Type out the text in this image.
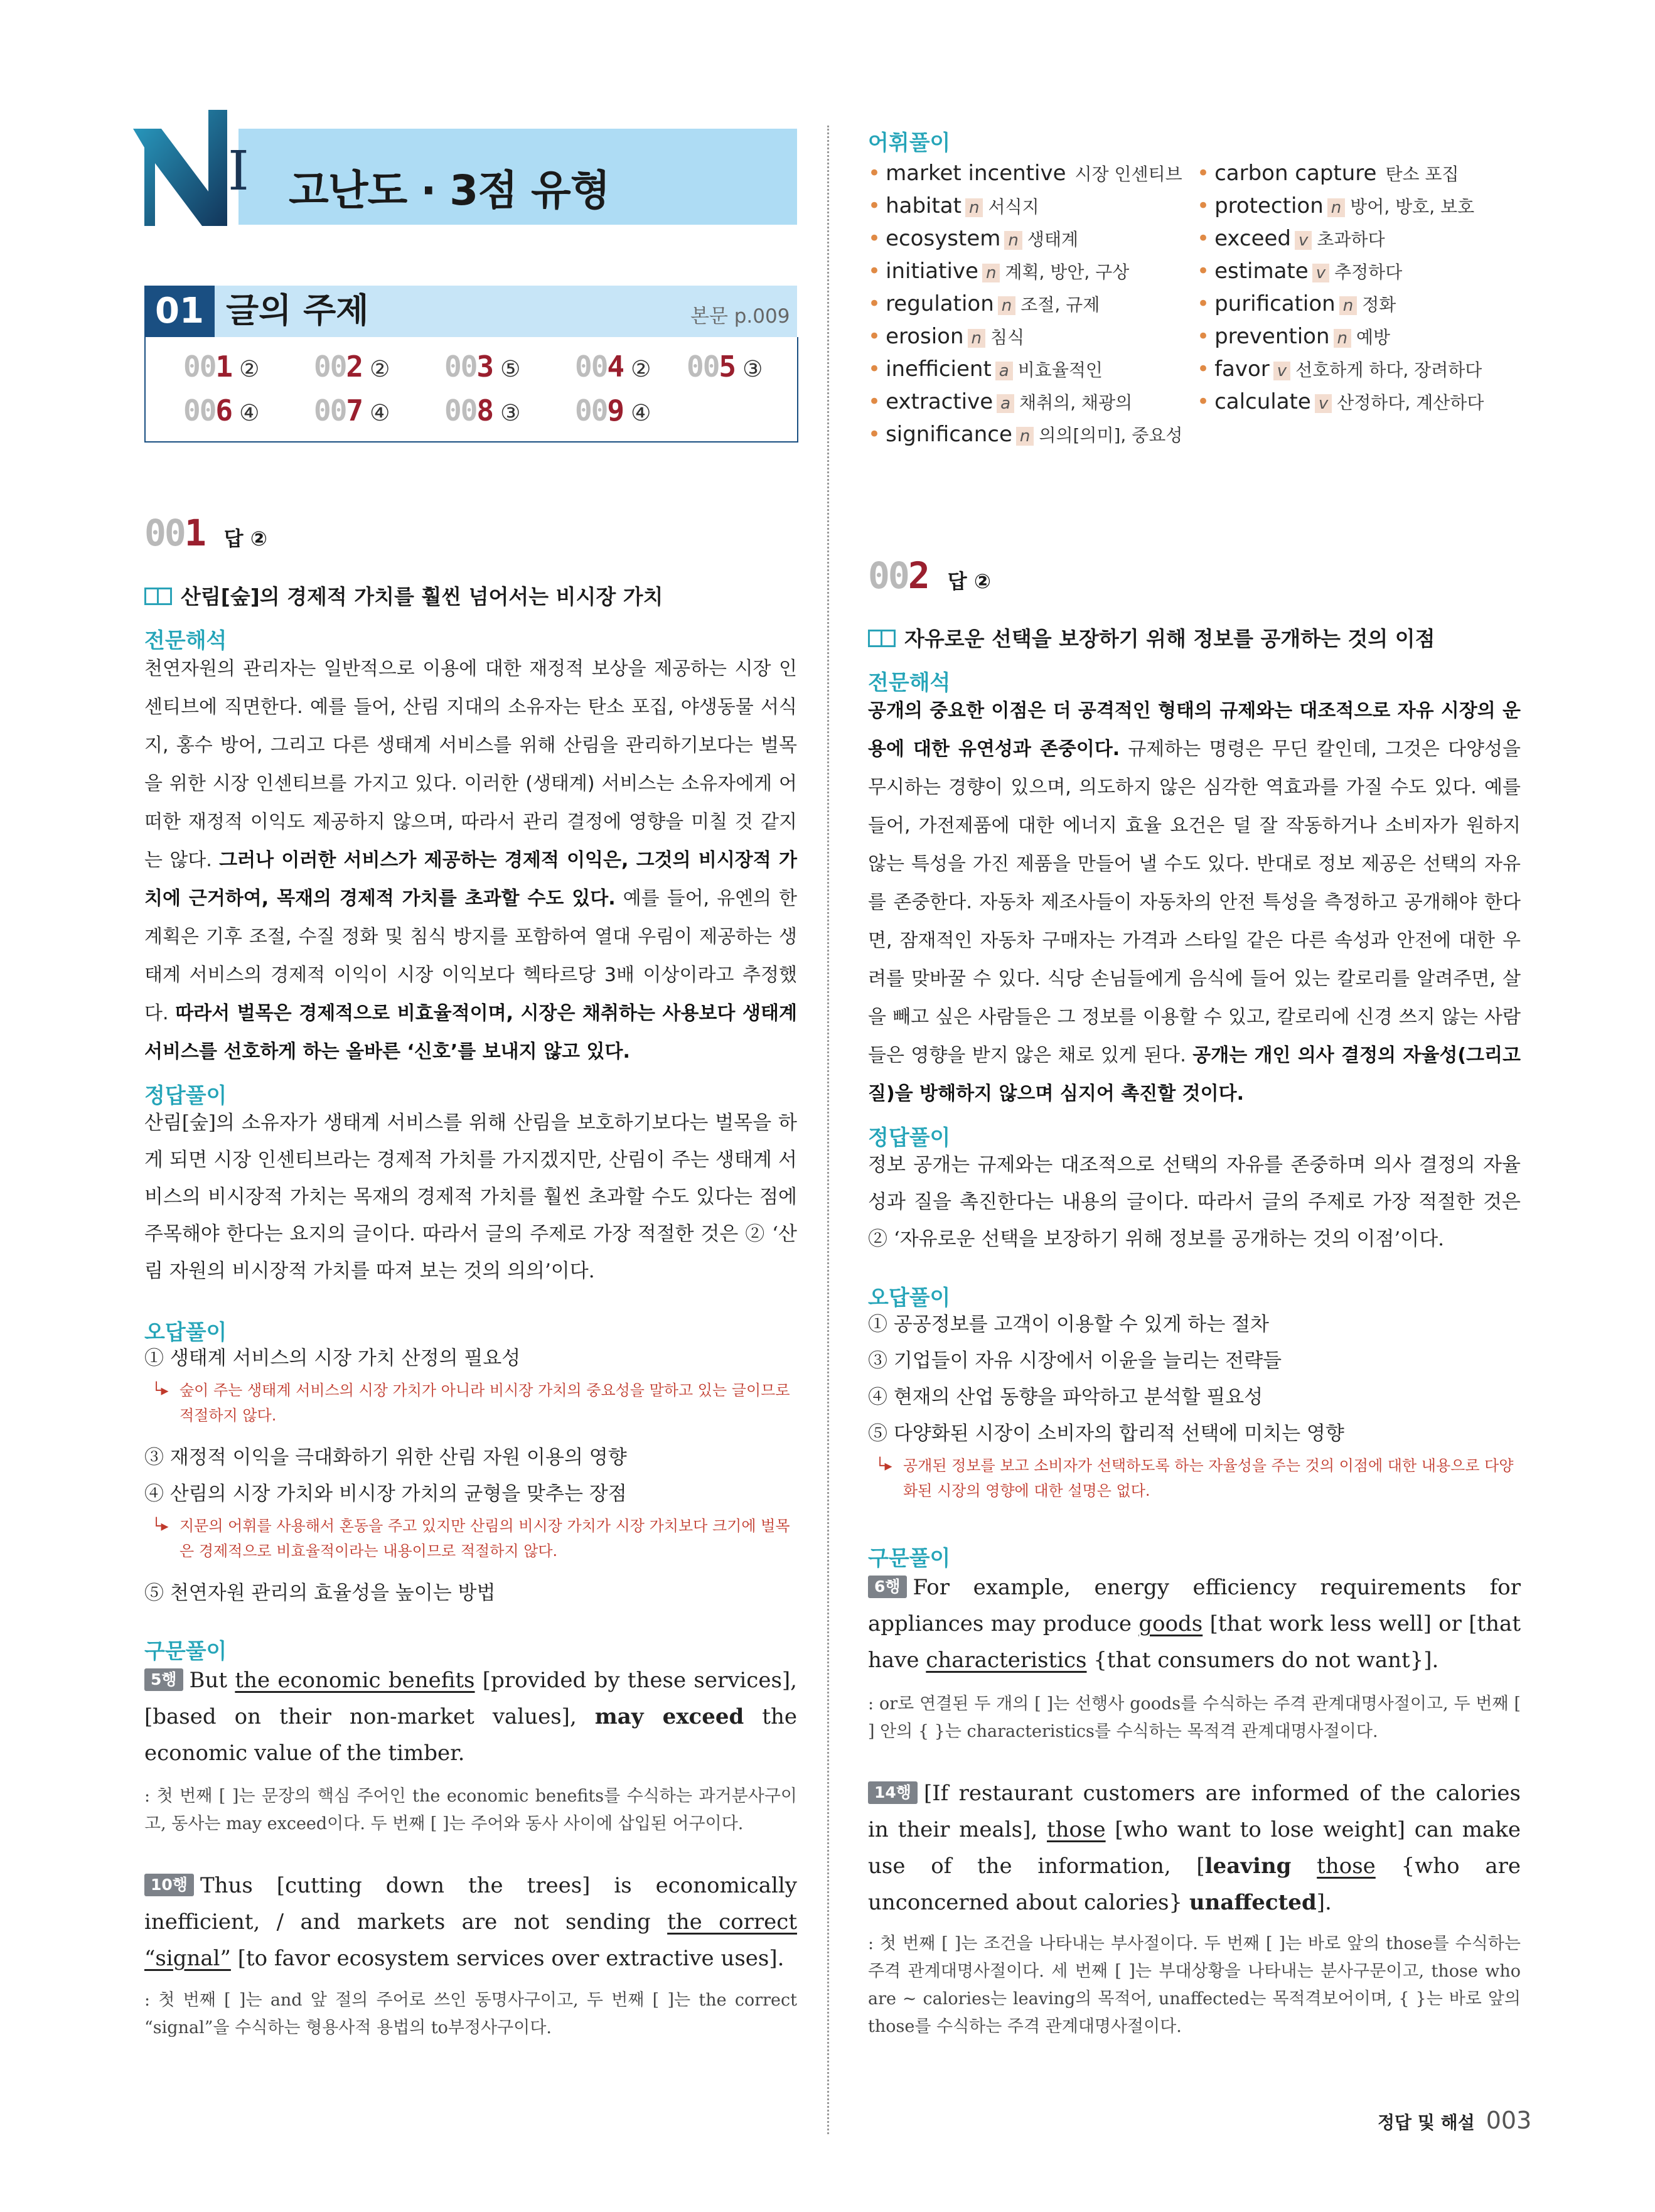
I 고난도 · 3점 유형
01 글의 주제	본문 p.009
001 ② 002 ② 003 ⑤ 004 ② 005 ③
006 ④ 007 ④ 008 ③ 009 ④
001 답 ②
산림[숲]의 경제적 가치를 훨씬 넘어서는 비시장 가치
전문해석
천연자원의 관리자는 일반적으로 이용에 대한 재정적 보상을 제공하는 시장 인센티브에 직면한다. 예를 들어, 산림 지대의 소유자는 탄소 포집, 야생동물 서식지, 홍수 방어, 그리고 다른 생태계 서비스를 위해 산림을 관리하기보다는 벌목을 위한 시장 인센티브를 가지고 있다. 이러한 (생태계) 서비스는 소유자에게 어떠한 재정적 이익도 제공하지 않으며, 따라서 관리 결정에 영향을 미칠 것 같지는 않다. 그러나 이러한 서비스가 제공하는 경제적 이익은, 그것의 비시장적 가치에 근거하여, 목재의 경제적 가치를 초과할 수도 있다. 예를 들어, 유엔의 한 계획은 기후 조절, 수질 정화 및 침식 방지를 포함하여 열대 우림이 제공하는 생태계 서비스의 경제적 이익이 시장 이익보다 헥타르당 3배 이상이라고 추정했다. 따라서 벌목은 경제적으로 비효율적이며, 시장은 채취하는 사용보다 생태계 서비스를 선호하게 하는 올바른 ‘신호’를 보내지 않고 있다.
정답풀이
산림[숲]의 소유자가 생태계 서비스를 위해 산림을 보호하기보다는 벌목을 하게 되면 시장 인센티브라는 경제적 가치를 가지겠지만, 산림이 주는 생태계 서비스의 비시장적 가치는 목재의 경제적 가치를 훨씬 초과할 수도 있다는 점에 주목해야 한다는 요지의 글이다. 따라서 글의 주제로 가장 적절한 것은 ② ‘산림 자원의 비시장적 가치를 따져 보는 것의 의의’이다.
오답풀이
① 생태계 서비스의 시장 가치 산정의 필요성
└▸ 숲이 주는 생태계 서비스의 시장 가치가 아니라 비시장 가치의 중요성을 말하고 있는 글이므로 적절하지 않다.
③ 재정적 이익을 극대화하기 위한 산림 자원 이용의 영향
④ 산림의 시장 가치와 비시장 가치의 균형을 맞추는 장점
└▸ 지문의 어휘를 사용해서 혼동을 주고 있지만 산림의 비시장 가치가 시장 가치보다 크기에 벌목은 경제적으로 비효율적이라는 내용이므로 적절하지 않다.
⑤ 천연자원 관리의 효율성을 높이는 방법
구문풀이
5행 But the economic benefits [provided by these services], [based on their non-market values], may exceed the economic value of the timber.
: 첫 번째 [ ]는 문장의 핵심 주어인 the economic benefits를 수식하는 과거분사구이고, 동사는 may exceed이다. 두 번째 [ ]는 주어와 동사 사이에 삽입된 어구이다.
10행 Thus [cutting down the trees] is economically inefficient, / and markets are not sending the correct “signal” [to favor ecosystem services over extractive uses].
: 첫 번째 [ ]는 and 앞 절의 주어로 쓰인 동명사구이고, 두 번째 [ ]는 the correct “signal”을 수식하는 형용사적 용법의 to부정사구이다.
어휘풀이
• market incentive 시장 인센티브
• habitat n 서식지
• ecosystem n 생태계
• initiative n 계획, 방안, 구상
• regulation n 조절, 규제
• erosion n 침식
• inefficient a 비효율적인
• extractive a 채취의, 채광의
• significance n 의의[의미], 중요성
• carbon capture 탄소 포집
• protection n 방어, 방호, 보호
• exceed v 초과하다
• estimate v 추정하다
• purification n 정화
• prevention n 예방
• favor v 선호하게 하다, 장려하다
• calculate v 산정하다, 계산하다
002 답 ②
자유로운 선택을 보장하기 위해 정보를 공개하는 것의 이점
전문해석
공개의 중요한 이점은 더 공격적인 형태의 규제와는 대조적으로 자유 시장의 운용에 대한 유연성과 존중이다. 규제하는 명령은 무딘 칼인데, 그것은 다양성을 무시하는 경향이 있으며, 의도하지 않은 심각한 역효과를 가질 수도 있다. 예를 들어, 가전제품에 대한 에너지 효율 요건은 덜 잘 작동하거나 소비자가 원하지 않는 특성을 가진 제품을 만들어 낼 수도 있다. 반대로 정보 제공은 선택의 자유를 존중한다. 자동차 제조사들이 자동차의 안전 특성을 측정하고 공개해야 한다면, 잠재적인 자동차 구매자는 가격과 스타일 같은 다른 속성과 안전에 대한 우려를 맞바꿀 수 있다. 식당 손님들에게 음식에 들어 있는 칼로리를 알려주면, 살을 빼고 싶은 사람들은 그 정보를 이용할 수 있고, 칼로리에 신경 쓰지 않는 사람들은 영향을 받지 않은 채로 있게 된다. 공개는 개인 의사 결정의 자율성(그리고 질)을 방해하지 않으며 심지어 촉진할 것이다.
정답풀이
정보 공개는 규제와는 대조적으로 선택의 자유를 존중하며 의사 결정의 자율성과 질을 촉진한다는 내용의 글이다. 따라서 글의 주제로 가장 적절한 것은 ② ‘자유로운 선택을 보장하기 위해 정보를 공개하는 것의 이점’이다.
오답풀이
① 공공정보를 고객이 이용할 수 있게 하는 절차
③ 기업들이 자유 시장에서 이윤을 늘리는 전략들
④ 현재의 산업 동향을 파악하고 분석할 필요성
⑤ 다양화된 시장이 소비자의 합리적 선택에 미치는 영향
└▸ 공개된 정보를 보고 소비자가 선택하도록 하는 자율성을 주는 것의 이점에 대한 내용으로 다양화된 시장의 영향에 대한 설명은 없다.
구문풀이
6행 For example, energy efficiency requirements for appliances may produce goods [that work less well] or [that have characteristics {that consumers do not want}].
: or로 연결된 두 개의 [ ]는 선행사 goods를 수식하는 주격 관계대명사절이고, 두 번째 [ ] 안의 { }는 characteristics를 수식하는 목적격 관계대명사절이다.
14행 [If restaurant customers are informed of the calories in their meals], those [who want to lose weight] can make use of the information, [leaving those {who are unconcerned about calories} unaffected].
: 첫 번째 [ ]는 조건을 나타내는 부사절이다. 두 번째 [ ]는 바로 앞의 those를 수식하는 주격 관계대명사절이다. 세 번째 [ ]는 부대상황을 나타내는 분사구문이고, those who are ~ calories는 leaving의 목적어, unaffected는 목적격보어이며, { }는 바로 앞의 those를 수식하는 주격 관계대명사절이다.
정답 및 해설 003
